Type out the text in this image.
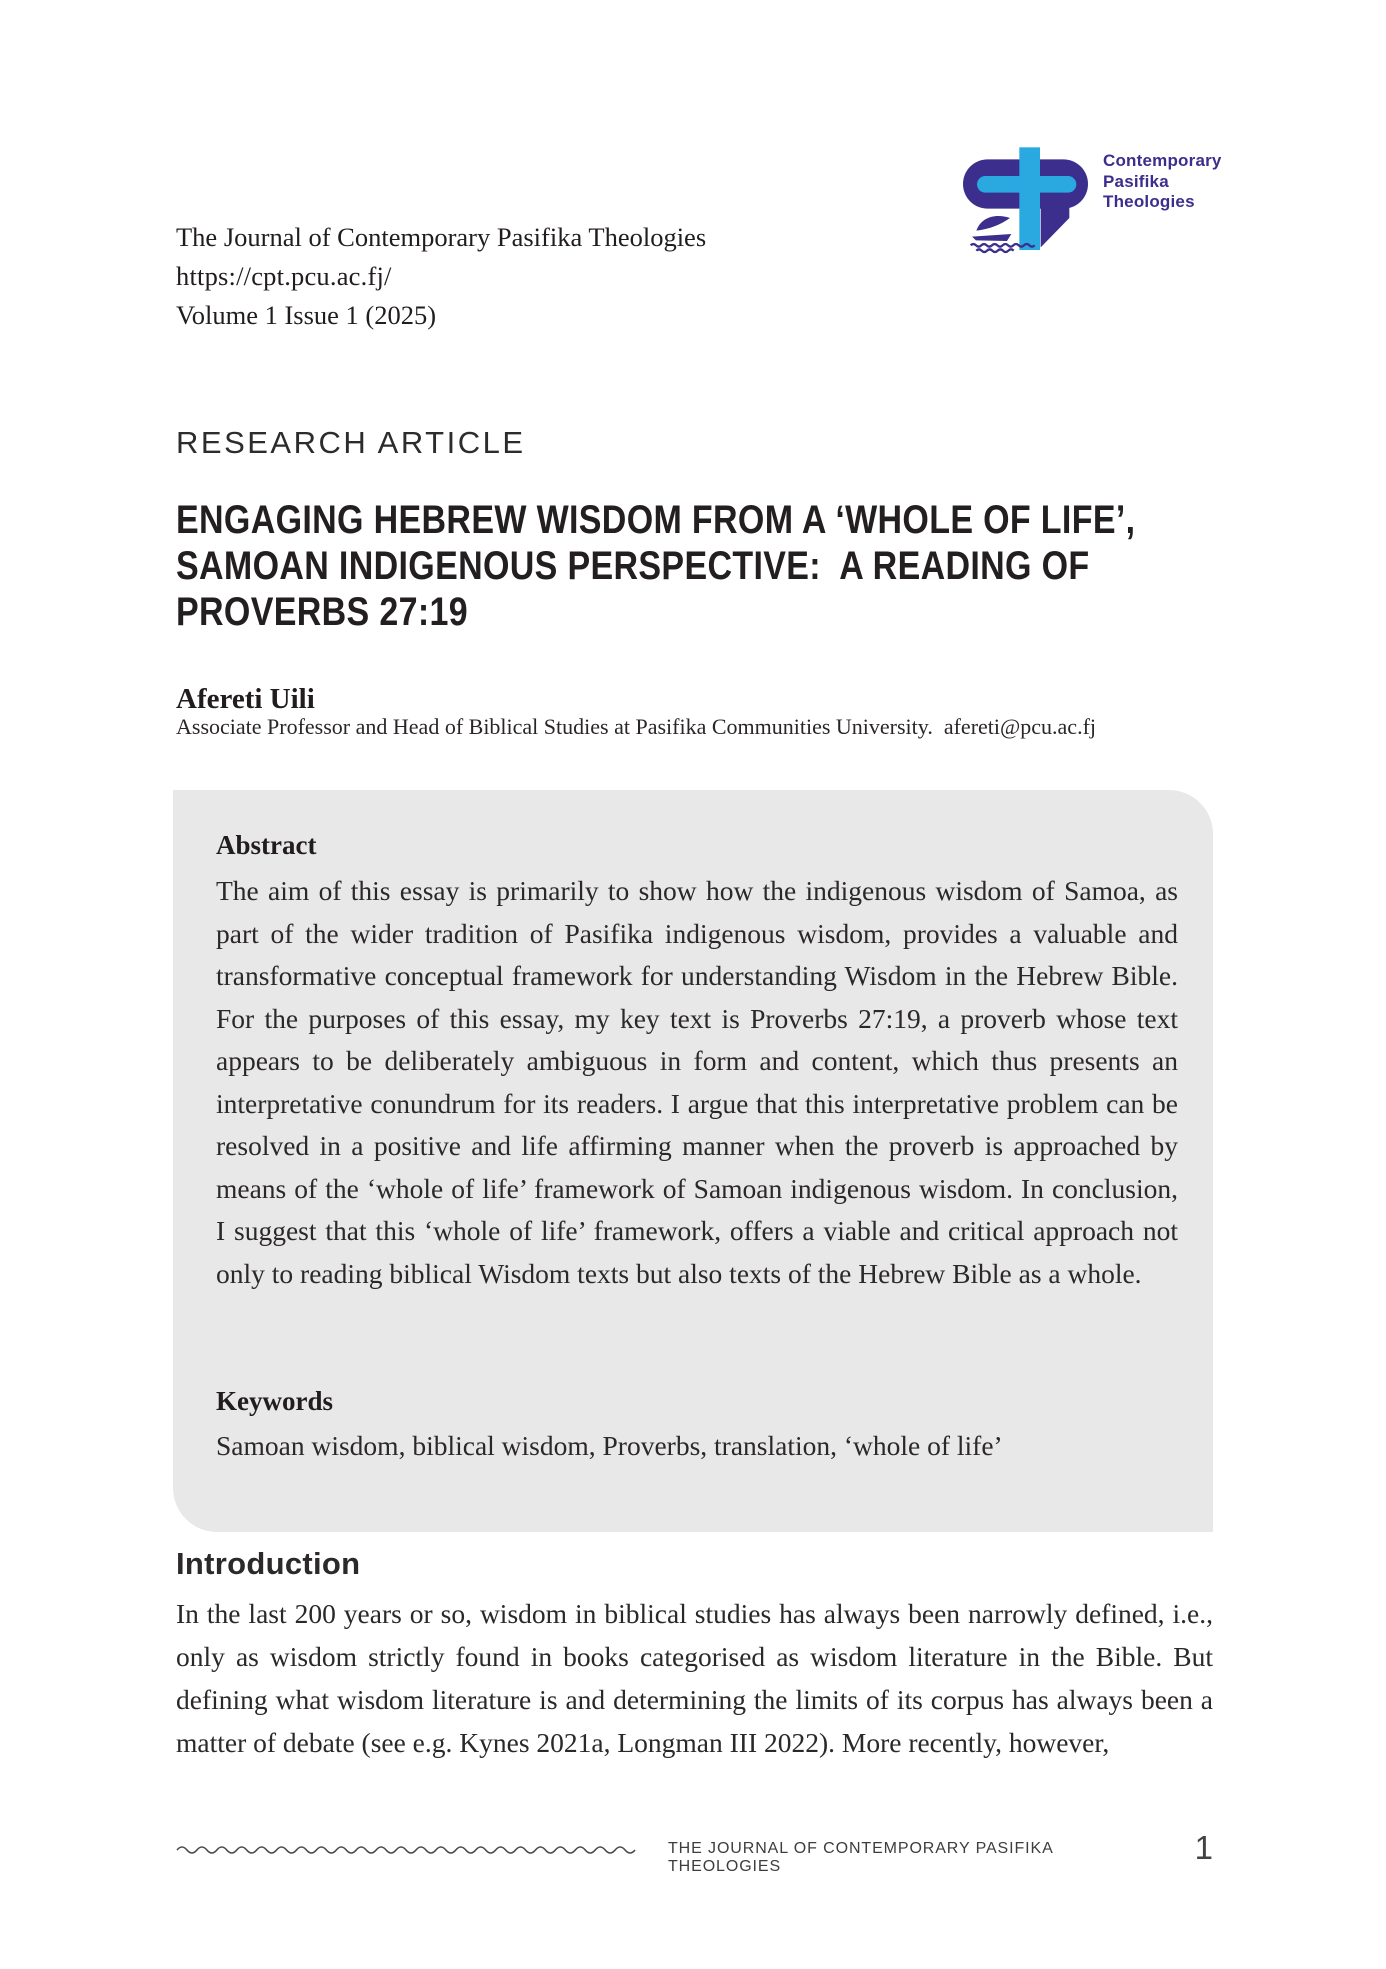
The Journal of Contemporary Pasifika Theologies
https://cpt.pcu.ac.fj/
Volume 1 Issue 1 (2025)
Contemporary
Pasifika
Theologies
RESEARCH ARTICLE
ENGAGING HEBREW WISDOM FROM A ‘WHOLE OF LIFE’,
SAMOAN INDIGENOUS PERSPECTIVE:  A READING OF
PROVERBS 27:19
Afereti Uili
Associate Professor and Head of Biblical Studies at Pasifika Communities University.  afereti@pcu.ac.fj
Abstract
The aim of this essay is primarily to show how the indigenous wisdom of Samoa, as part of the wider tradition of Pasifika indigenous wisdom, provides a valuable and transformative conceptual framework for understanding Wisdom in the Hebrew Bible. For the purposes of this essay, my key text is Proverbs 27:19, a proverb whose text appears to be deliberately ambiguous in form and content, which thus presents an interpretative conundrum for its readers. I argue that this interpretative problem can be resolved in a positive and life affirming manner when the proverb is approached by means of the ‘whole of life’ framework of Samoan indigenous wisdom. In conclusion, I suggest that this ‘whole of life’ framework, offers a viable and critical approach not only to reading biblical Wisdom texts but also texts of the Hebrew Bible as a whole.
Keywords
Samoan wisdom, biblical wisdom, Proverbs, translation, ‘whole of life’
Introduction
In the last 200 years or so, wisdom in biblical studies has always been narrowly defined, i.e., only as wisdom strictly found in books categorised as wisdom literature in the Bible. But defining what wisdom literature is and determining the limits of its corpus has always been a matter of debate (see e.g. Kynes 2021a, Longman III 2022). More recently, however,
THE JOURNAL OF CONTEMPORARY PASIFIKA THEOLOGIES
1
